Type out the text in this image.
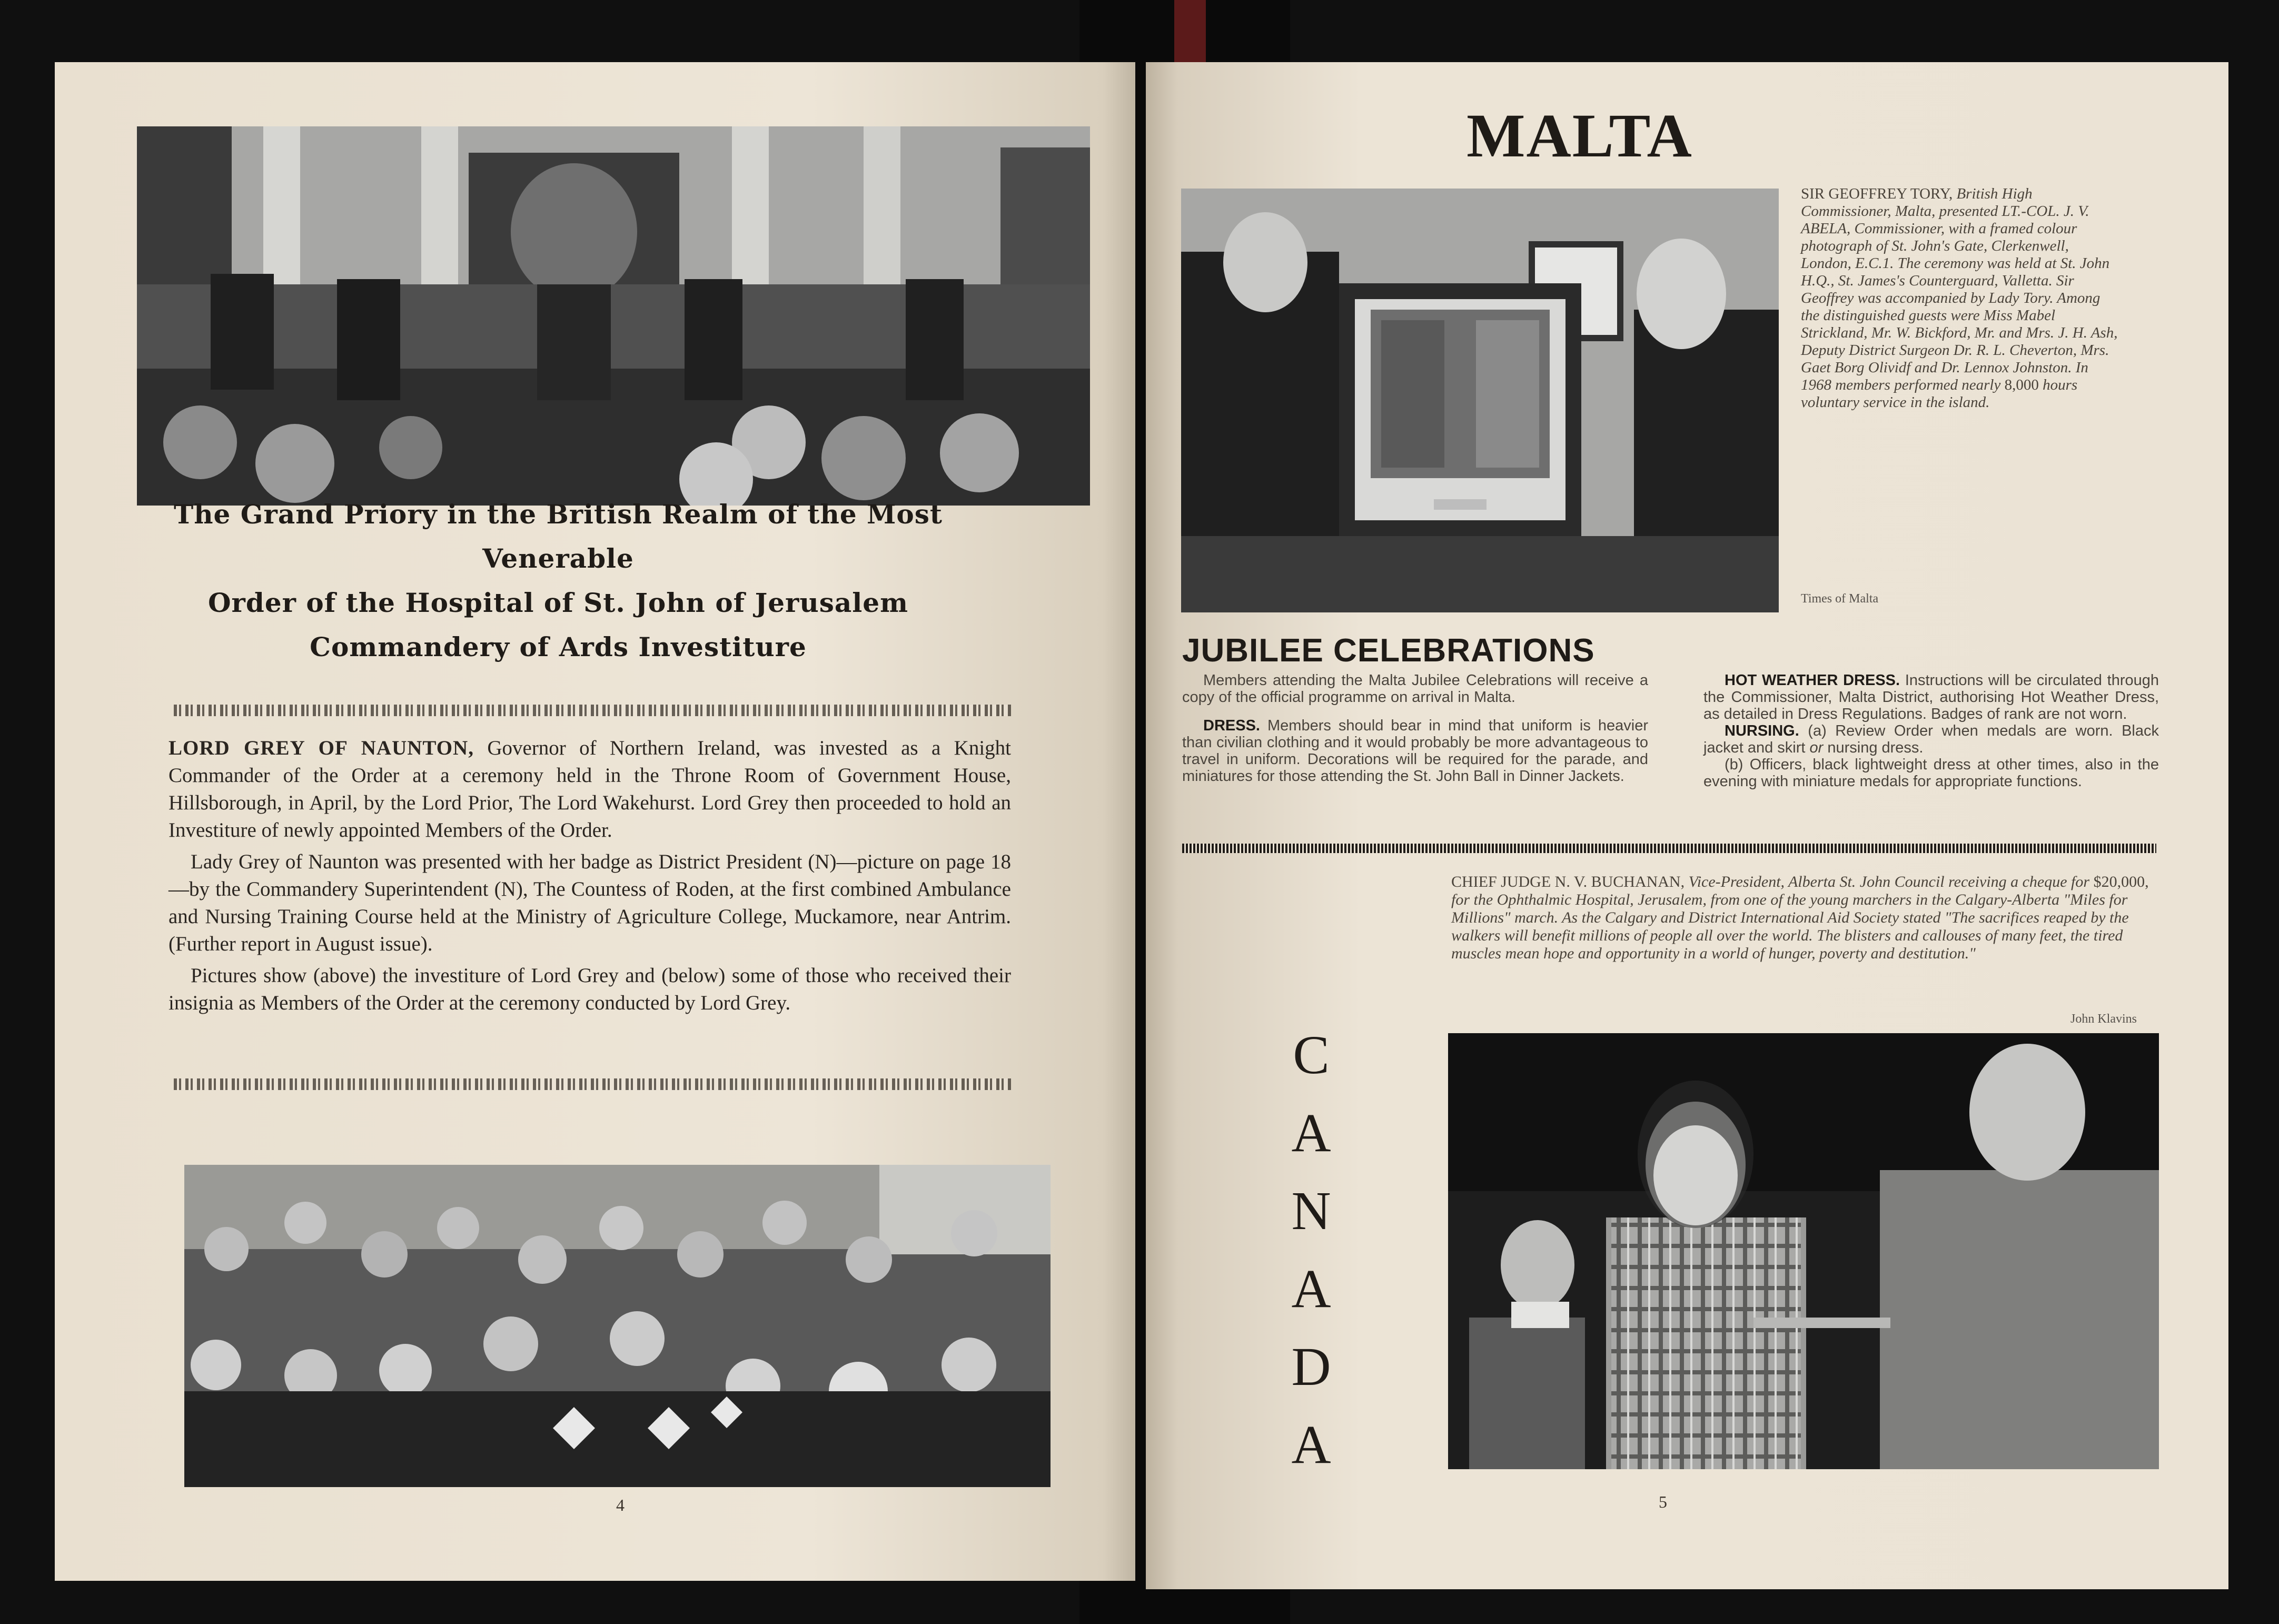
The Grand Priory in the British Realm of the Most Venerable
Order of the Hospital of St. John of Jerusalem
Commandery of Ards Investiture

LORD GREY OF NAUNTON, Governor of Northern Ireland, was invested as a Knight Commander of the Order at a ceremony held in the Throne Room of Government House, Hillsborough, in April, by the Lord Prior, The Lord Wakehurst. Lord Grey then proceeded to hold an Investiture of newly appointed Members of the Order.

Lady Grey of Naunton was presented with her badge as District President (N)—picture on page 18—by the Commandery Superintendent (N), The Countess of Roden, at the first combined Ambulance and Nursing Training Course held at the Ministry of Agriculture College, Muckamore, near Antrim. (Further report in August issue).

Pictures show (above) the investiture of Lord Grey and (below) some of those who received their insignia as Members of the Order at the ceremony conducted by Lord Grey.

4
MALTA
SIR GEOFFREY TORY, British High Commissioner, Malta, presented LT.-COL. J. V. ABELA, Commissioner, with a framed colour photograph of St. John's Gate, Clerkenwell, London, E.C.1. The ceremony was held at St. John H.Q., St. James's Counterguard, Valletta. Sir Geoffrey was accompanied by Lady Tory. Among the distinguished guests were Miss Mabel Strickland, Mr. W. Bickford, Mr. and Mrs. J. H. Ash, Deputy District Surgeon Dr. R. L. Cheverton, Mrs. Gaet Borg Olividf and Dr. Lennox Johnston. In 1968 members performed nearly 8,000 hours voluntary service in the island.
Times of Malta
JUBILEE CELEBRATIONS

Members attending the Malta Jubilee Celebrations will receive a copy of the official programme on arrival in Malta.

DRESS. Members should bear in mind that uniform is heavier than civilian clothing and it would probably be more advantageous to travel in uniform. Decorations will be required for the parade, and miniatures for those attending the St. John Ball in Dinner Jackets.

HOT WEATHER DRESS. Instructions will be circulated through the Commissioner, Malta District, authorising Hot Weather Dress, as detailed in Dress Regulations. Badges of rank are not worn.

NURSING. (a) Review Order when medals are worn. Black jacket and skirt or nursing dress.

(b) Officers, black lightweight dress at other times, also in the evening with miniature medals for appropriate functions.

CHIEF JUDGE N. V. BUCHANAN, Vice-President, Alberta St. John Council receiving a cheque for $20,000, for the Ophthalmic Hospital, Jerusalem, from one of the young marchers in the Calgary-Alberta "Miles for Millions" march. As the Calgary and District International Aid Society stated "The sacrifices reaped by the walkers will benefit millions of people all over the world. The blisters and callouses of many feet, the tired muscles mean hope and opportunity in a world of hunger, poverty and destitution."
John Klavins
C
A
N
A
D
A
5
